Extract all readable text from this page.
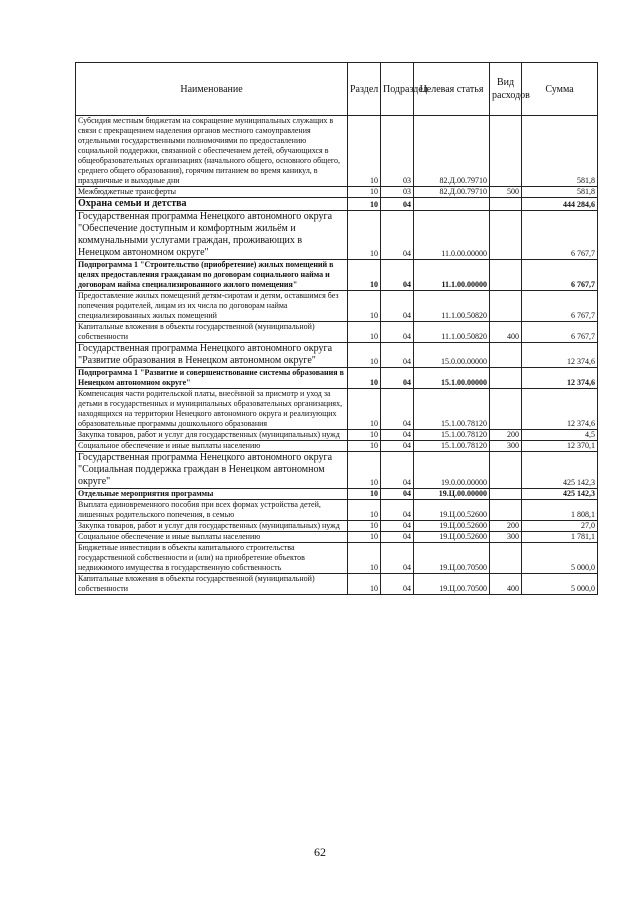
Наименование	Раздел	Подраздел	Целевая статья	Вид расходов	Сумма
Субсидия местным бюджетам на сокращение муниципальных служащих в связи с прекращением наделения органов местного самоуправления отдельными государственными полномочиями по предоставлению социальной поддержки, связанной с обеспечением детей, обучающихся в общеобразовательных организациях (начального общего, основного общего, среднего общего образования), горячим питанием во время каникул, в праздничные и выходные дни	10	03	82.Д.00.79710		581,8
Межбюджетные трансферты	10	03	82.Д.00.79710	500	581,8
Охрана семьи и детства	10	04			444 284,6
Государственная программа Ненецкого автономного округа "Обеспечение доступным и комфортным жильём и коммунальными услугами граждан, проживающих в Ненецком автономном округе"	10	04	11.0.00.00000		6 767,7
Подпрограмма 1 "Строительство (приобретение) жилых помещений в целях предоставления гражданам по договорам социального найма и договорам найма специализированного жилого помещения"	10	04	11.1.00.00000		6 767,7
Предоставление жилых помещений детям-сиротам и детям, оставшимся без попечения родителей, лицам из их числа по договорам найма специализированных жилых помещений	10	04	11.1.00.50820		6 767,7
Капитальные вложения в объекты государственной (муниципальной) собственности	10	04	11.1.00.50820	400	6 767,7
Государственная программа Ненецкого автономного округа "Развитие образования в Ненецком автономном округе"	10	04	15.0.00.00000		12 374,6
Подпрограмма 1 "Развитие и совершенствование системы образования в Ненецком автономном округе"	10	04	15.1.00.00000		12 374,6
Компенсация части родительской платы, внесённой за присмотр и уход за детьми в государственных и муниципальных образовательных организациях, находящихся на территории Ненецкого автономного округа и реализующих образовательные программы дошкольного образования	10	04	15.1.00.78120		12 374,6
Закупка товаров, работ и услуг для государственных (муниципальных) нужд	10	04	15.1.00.78120	200	4,5
Социальное обеспечение и иные выплаты населению	10	04	15.1.00.78120	300	12 370,1
Государственная программа Ненецкого автономного округа "Социальная поддержка граждан в Ненецком автономном округе"	10	04	19.0.00.00000		425 142,3
Отдельные мероприятия программы	10	04	19.Ц.00.00000		425 142,3
Выплата единовременного пособия при всех формах устройства детей, лишенных родительского попечения, в семью	10	04	19.Ц.00.52600		1 808,1
Закупка товаров, работ и услуг для государственных (муниципальных) нужд	10	04	19.Ц.00.52600	200	27,0
Социальное обеспечение и иные выплаты населению	10	04	19.Ц.00.52600	300	1 781,1
Бюджетные инвестиции в объекты капитального строительства государственной собственности и (или) на приобретение объектов недвижимого имущества в государственную собственность	10	04	19.Ц.00.70500		5 000,0
Капитальные вложения в объекты государственной (муниципальной) собственности	10	04	19.Ц.00.70500	400	5 000,0
62
